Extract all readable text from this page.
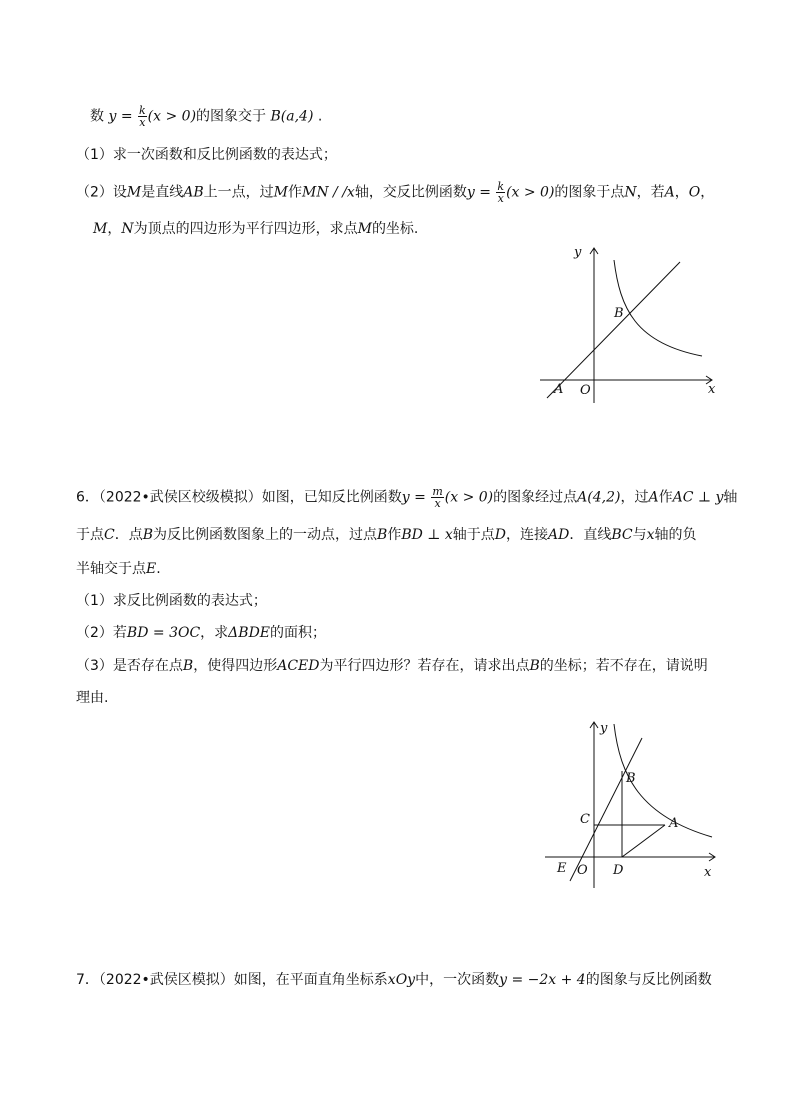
数 $y = \frac{k}{x} (x > 0)$的图象交于 B(a,4) .
（1）求一次函数和反比例函数的表达式；
（2）设M是直线AB上一点，过M作MN / /x轴，交反比例函数$y = \frac{k}{x} (x > 0)$的图象于点N，若A，O，
M，N为顶点的四边形为平行四边形，求点M的坐标.
y
x
B
A O
6．（2022•武侯区校级模拟）如图，已知反比例函数$y = \frac{m}{x} (x > 0)$的图象经过点A(4,2)，过A作AC ⊥ y轴
于点C．点B为反比例函数图象上的一动点，过点B作BD ⊥ x轴于点D，连接AD．直线BC与x轴的负
半轴交于点E.
（1）求反比例函数的表达式；
（2）若BD = 3OC，求ΔBDE的面积；
（3）是否存在点B，使得四边形ACED为平行四边形？若存在，请求出点B的坐标；若不存在，请说明
理由.
y
x
B
C	A
E O D
7．（2022•武侯区模拟）如图，在平面直角坐标系xOy中，一次函数y = −2x + 4的图象与反比例函数
